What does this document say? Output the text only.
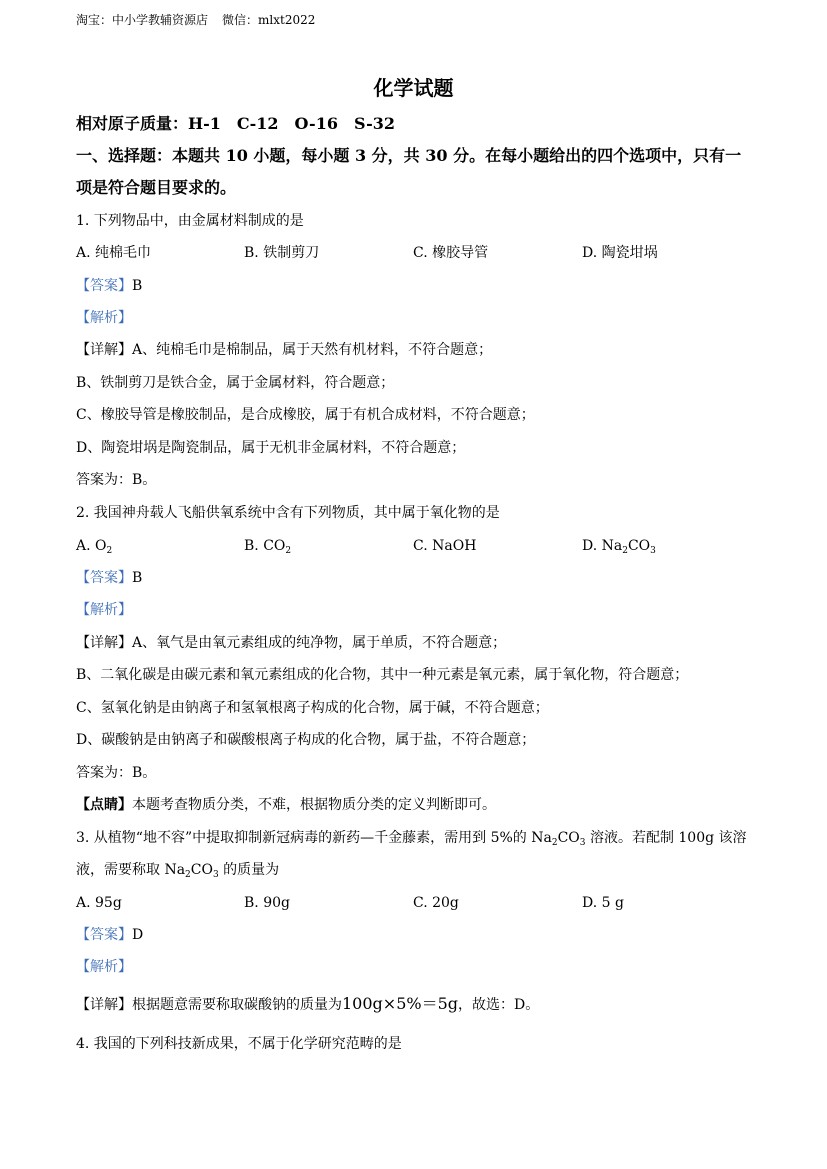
淘宝：中小学教辅资源店 微信：mlxt2022
化学试题
相对原子质量：H-1　C-12　O-16　S-32
一、选择题：本题共 10 小题，每小题 3 分，共 30 分。在每小题给出的四个选项中，只有一
项是符合题目要求的。
1. 下列物品中，由金属材料制成的是
A. 纯棉毛巾	B. 铁制剪刀	C. 橡胶导管	D. 陶瓷坩埚
【答案】B
【解析】
【详解】A、纯棉毛巾是棉制品，属于天然有机材料，不符合题意；
B、铁制剪刀是铁合金，属于金属材料，符合题意；
C、橡胶导管是橡胶制品，是合成橡胶，属于有机合成材料，不符合题意；
D、陶瓷坩埚是陶瓷制品，属于无机非金属材料，不符合题意；
答案为：B。
2. 我国神舟载人飞船供氧系统中含有下列物质，其中属于氧化物的是
A. $O_2$	B. $CO_2$	C. NaOH	D. $Na_2CO_3$
【答案】B
【解析】
【详解】A、氧气是由氧元素组成的纯净物，属于单质，不符合题意；
B、二氧化碳是由碳元素和氧元素组成的化合物，其中一种元素是氧元素，属于氧化物，符合题意；
C、氢氧化钠是由钠离子和氢氧根离子构成的化合物，属于碱，不符合题意；
D、碳酸钠是由钠离子和碳酸根离子构成的化合物，属于盐，不符合题意；
答案为：B。
【点睛】本题考查物质分类，不难，根据物质分类的定义判断即可。
3. 从植物“地不容”中提取抑制新冠病毒的新药—千金藤素，需用到 5%的 $Na_2CO_3$ 溶液。若配制 100g 该溶
液，需要称取 $Na_2CO_3$ 的质量为
A. 95g	B. 90g	C. 20g	D. 5 g
【答案】D
【解析】
【详解】根据题意需要称取碳酸钠的质量为100g×5%＝5g，故选：D。
4. 我国的下列科技新成果，不属于化学研究范畴的是
